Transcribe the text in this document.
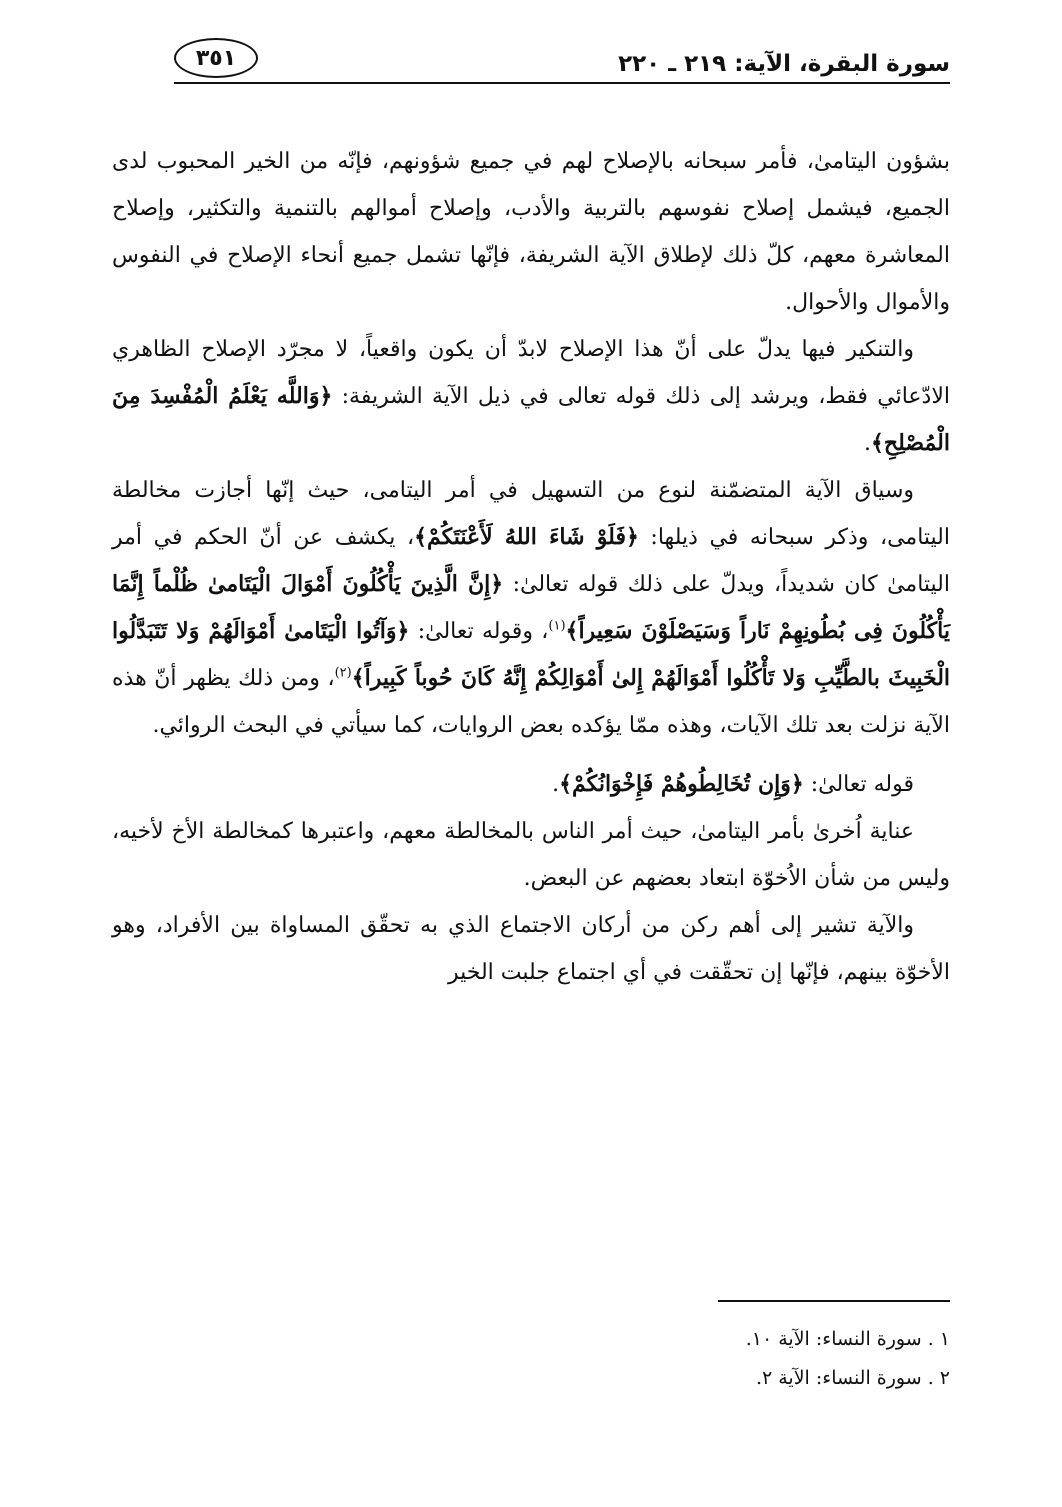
سورة البقرة، الآية: ٢١٩ ـ ٢٢٠
٣٥١

بشؤون اليتامىٰ، فأمر سبحانه بالإصلاح لهم في جميع شؤونهم، فإنّه من الخير المحبوب لدى الجميع، فيشمل إصلاح نفوسهم بالتربية والأدب، وإصلاح أموالهم بالتنمية والتكثير، وإصلاح المعاشرة معهم، كلّ ذلك لإطلاق الآية الشريفة، فإنّها تشمل جميع أنحاء الإصلاح في النفوس والأموال والأحوال.

والتنكير فيها يدلّ على أنّ هذا الإصلاح لابدّ أن يكون واقعياً، لا مجرّد الإصلاح الظاهري الادّعائي فقط، ويرشد إلى ذلك قوله تعالى في ذيل الآية الشريفة: ﴿وَاللَّه يَعْلَمُ الْمُفْسِدَ مِنَ الْمُصْلِحِ﴾.

وسياق الآية المتضمّنة لنوع من التسهيل في أمر اليتامى، حيث إنّها أجازت مخالطة اليتامى، وذكر سبحانه في ذيلها: ﴿فَلَوْ شَاءَ اللهُ لَأَعْنَتَكُمْ﴾، يكشف عن أنّ الحكم في أمر اليتامىٰ كان شديداً، ويدلّ على ذلك قوله تعالىٰ: ﴿إِنَّ الَّذِينَ يَأْكُلُونَ أَمْوَالَ الْيَتَامىٰ ظُلْماً إِنَّمَا يَأْكُلُونَ فِى بُطُونِهِمْ نَاراً وَسَيَصْلَوْنَ سَعِيراً﴾$^{(١)}$، وقوله تعالىٰ: ﴿وَآتُوا الْيَتَامىٰ أَمْوَالَهُمْ وَلا تَتَبَدَّلُوا الْخَبِيثَ بالطَّيِّبِ وَلا تَأْكُلُوا أَمْوَالَهُمْ إِلىٰ أَمْوَالِكُمْ إِنَّهُ كَانَ حُوباً كَبِيراً﴾$^{(٢)}$، ومن ذلك يظهر أنّ هذه الآية نزلت بعد تلك الآيات، وهذه ممّا يؤكده بعض الروايات، كما سيأتي في البحث الروائي.

قوله تعالىٰ: ﴿وَإِن تُخَالِطُوهُمْ فَإِخْوَانُكُمْ﴾.

عناية اُخرىٰ بأمر اليتامىٰ، حيث أمر الناس بالمخالطة معهم، واعتبرها كمخالطة الأخ لأخيه، وليس من شأن الاُخوّة ابتعاد بعضهم عن البعض.

والآية تشير إلى أهم ركن من أركان الاجتماع الذي به تحقّق المساواة بين الأفراد، وهو الأخوّة بينهم، فإنّها إن تحقّقت في أي اجتماع جلبت الخير

١ . سورة النساء: الآية ١٠.
٢ . سورة النساء: الآية ٢.
